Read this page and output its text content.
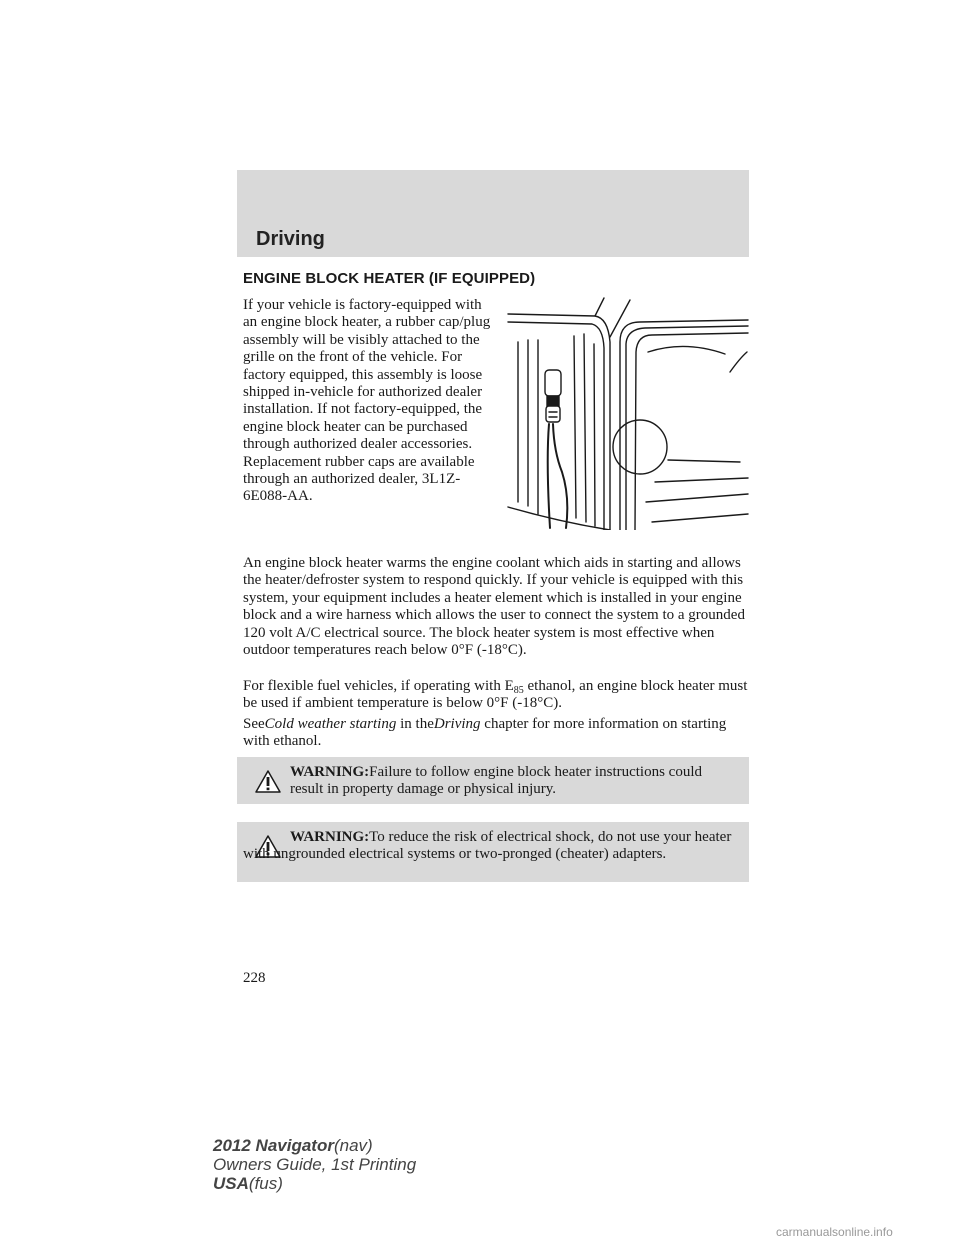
Driving
ENGINE BLOCK HEATER (IF EQUIPPED)
If your vehicle is factory-equipped with an engine block heater, a rubber cap/plug assembly will be visibly attached to the grille on the front of the vehicle. For factory equipped, this assembly is loose shipped in-vehicle for authorized dealer installation. If not factory-equipped, the engine block heater can be purchased through authorized dealer accessories. Replacement rubber caps are available through an authorized dealer, 3L1Z-6E088-AA.
An engine block heater warms the engine coolant which aids in starting and allows the heater/defroster system to respond quickly. If your vehicle is equipped with this system, your equipment includes a heater element which is installed in your engine block and a wire harness which allows the user to connect the system to a grounded 120 volt A/C electrical source. The block heater system is most effective when outdoor temperatures reach below 0°F (-18°C).
For flexible fuel vehicles, if operating with $E_{85}$ ethanol, an engine block heater must be used if ambient temperature is below 0°F (-18°C).
SeeCold weather starting in theDriving chapter for more information on starting with ethanol.
WARNING:Failure to follow engine block heater instructions could result in property damage or physical injury.
WARNING:To reduce the risk of electrical shock, do not use your heater with ungrounded electrical systems or two-pronged (cheater) adapters.
228
2012 Navigator(nav)
Owners Guide, 1st Printing
USA(fus)
carmanualsonline.info
